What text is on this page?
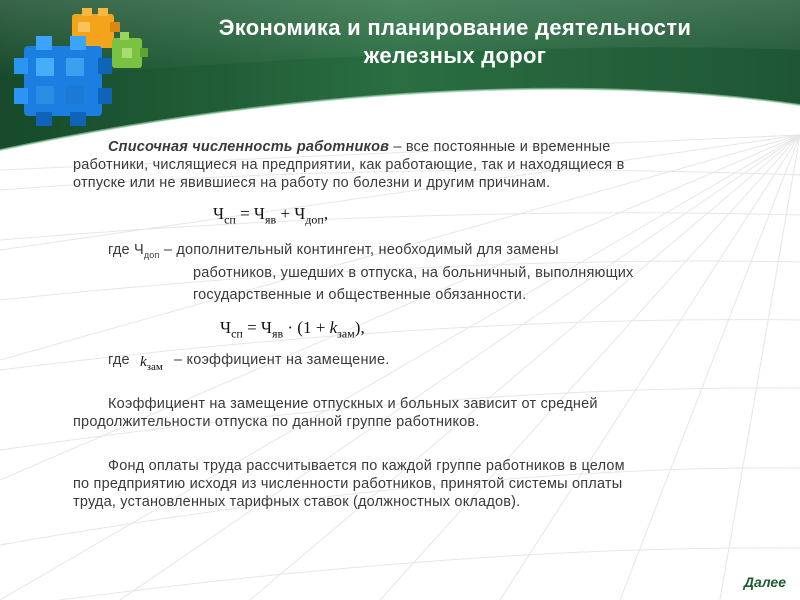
Экономика и планирование деятельности
железных дорог
Списочная численность работников – все постоянные и временные
работники, числящиеся на предприятии, как работающие, так и находящиеся в
отпуске или не явившиеся на работу по болезни и другим причинам.
$Ч_{сп} = Ч_{яв} + Ч_{доп}$,
где $Ч_{доп}$ – дополнительный контингент, необходимый для замены
работников, ушедших в отпуска, на больничный, выполняющих
государственные и общественные обязанности.
$Ч_{сп} = Ч_{яв} \cdot (1 + k_{зам})$,
где $k_{зам}$ – коэффициент на замещение.
Коэффициент на замещение отпускных и больных зависит от средней
продолжительности отпуска по данной группе работников.
Фонд оплаты труда рассчитывается по каждой группе работников в целом
по предприятию исходя из численности работников, принятой системы оплаты
труда, установленных тарифных ставок (должностных окладов).
Далее
